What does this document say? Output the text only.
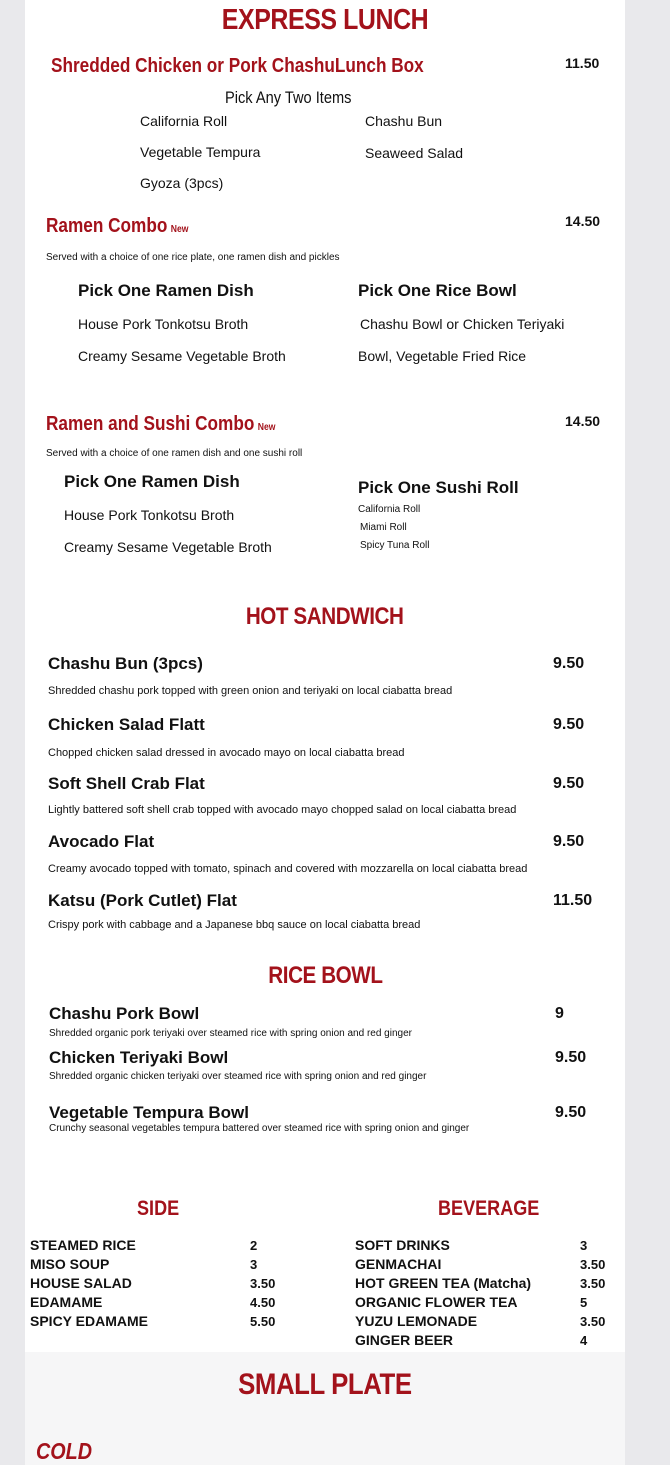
EXPRESS LUNCH
Shredded Chicken or Pork ChashuLunch Box	11.50
Pick Any Two Items
California Roll
Vegetable Tempura
Gyoza (3pcs)
Chashu Bun
Seaweed Salad
Ramen Combo New
14.50
Served with a choice of one rice plate, one ramen dish and pickles
Pick One Ramen Dish
House Pork Tonkotsu Broth
Creamy Sesame Vegetable Broth
Pick One Rice Bowl
Chashu Bowl or Chicken Teriyaki
Bowl, Vegetable Fried Rice
Ramen and Sushi Combo New	14.50
Served with a choice of one ramen dish and one sushi roll
Pick One Ramen Dish
House Pork Tonkotsu Broth
Creamy Sesame Vegetable Broth
Pick One Sushi Roll
California Roll
Miami Roll
Spicy Tuna Roll
HOT SANDWICH
Chashu Bun (3pcs)	9.50
Shredded chashu pork topped with green onion and teriyaki on local ciabatta bread
Chicken Salad Flatt	9.50
Chopped chicken salad dressed in avocado mayo on local ciabatta bread
Soft Shell Crab Flat	9.50
Lightly battered soft shell crab topped with avocado mayo chopped salad on local ciabatta bread
Avocado Flat	9.50
Creamy avocado topped with tomato, spinach and covered with mozzarella on local ciabatta bread
Katsu (Pork Cutlet) Flat	11.50
Crispy pork with cabbage and a Japanese bbq sauce on local ciabatta bread
RICE BOWL
Chashu Pork Bowl	9
Shredded organic pork teriyaki over steamed rice with spring onion and red ginger
Chicken Teriyaki Bowl	9.50
Shredded organic chicken teriyaki over steamed rice with spring onion and red ginger
Vegetable Tempura Bowl	9.50
Crunchy seasonal vegetables tempura battered over steamed rice with spring onion and ginger
SIDE
STEAMED RICE	2
MISO SOUP	3
HOUSE SALAD	3.50
EDAMAME	4.50
SPICY EDAMAME	5.50
BEVERAGE
SOFT DRINKS	3
GENMACHAI	3.50
HOT GREEN TEA (Matcha)	3.50
ORGANIC FLOWER TEA	5
YUZU LEMONADE	3.50
GINGER BEER	4
SMALL PLATE
COLD
